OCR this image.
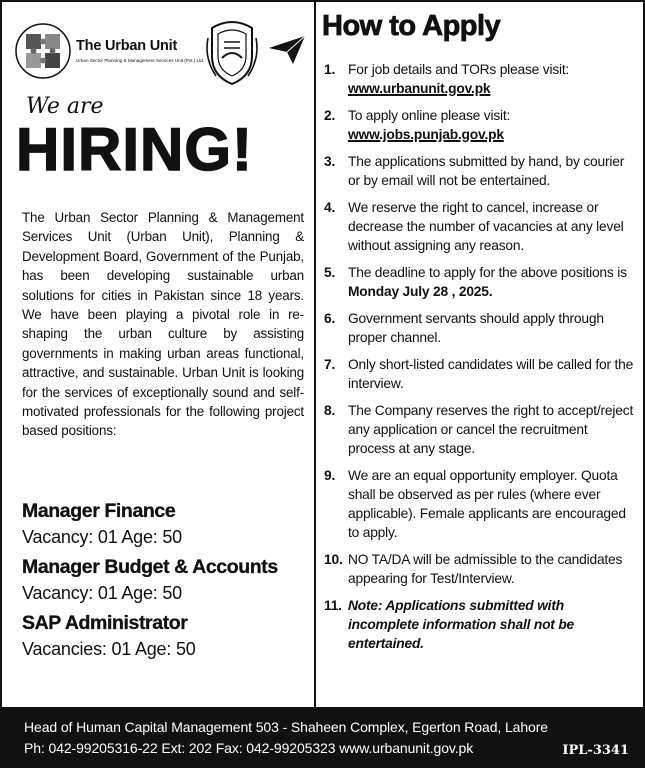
The Urban Unit
Urban Sector Planning & Management Services Unit (Pvt.) Ltd.
We are
HIRING!

The Urban Sector Planning & Management Services Unit (Urban Unit), Planning & Development Board, Government of the Punjab, has been developing sustainable urban solutions for cities in Pakistan since 18 years. We have been playing a pivotal role in re-shaping the urban culture by assisting governments in making urban areas functional, attractive, and sustainable. Urban Unit is looking for the services of exceptionally sound and self-motivated professionals for the following project based positions:

Manager Finance
Vacancy: 01 Age: 50
Manager Budget & Accounts
Vacancy: 01 Age: 50
SAP Administrator
Vacancies: 01 Age: 50
How to Apply
1. For job details and TORs please visit:
www.urbanunit.gov.pk
2. To apply online please visit:
www.jobs.punjab.gov.pk
3. The applications submitted by hand, by courier or by email will not be entertained.
4. We reserve the right to cancel, increase or decrease the number of vacancies at any level without assigning any reason.
5. The deadline to apply for the above positions is Monday July 28 , 2025.
6. Government servants should apply through proper channel.
7. Only short-listed candidates will be called for the interview.
8. The Company reserves the right to accept/reject any application or cancel the recruitment process at any stage.
9. We are an equal opportunity employer. Quota shall be observed as per rules (where ever applicable). Female applicants are encouraged to apply.
10. NO TA/DA will be admissible to the candidates appearing for Test/Interview.
11. Note: Applications submitted with incomplete information shall not be entertained.
Head of Human Capital Management 503 - Shaheen Complex, Egerton Road, Lahore
Ph: 042-99205316-22 Ext: 202 Fax: 042-99205323 www.urbanunit.gov.pk	IPL-3341
